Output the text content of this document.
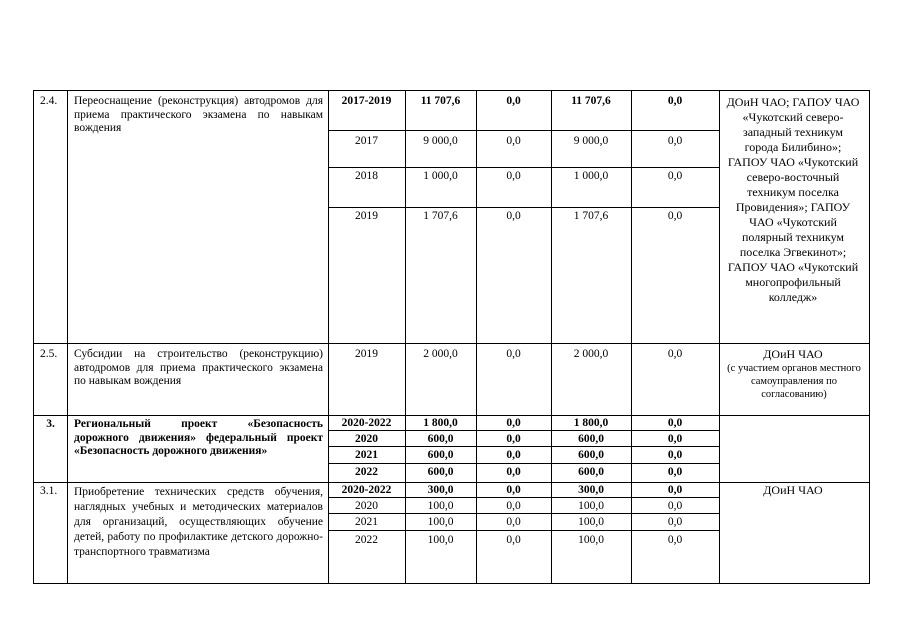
2.4.	Переоснащение (реконструкция) автодромов для приема практического экзамена по навыкам вождения
2017-2019	11 707,6	0,0	11 707,6	0,0
2017	9 000,0	0,0	9 000,0	0,0
2018	1 000,0	0,0	1 000,0	0,0
2019	1 707,6	0,0	1 707,6	0,0
ДОиН ЧАО; ГАПОУ ЧАО «Чукотский северо-западный техникум города Билибино»; ГАПОУ ЧАО «Чукотский северо-восточный техникум поселка Провидения»; ГАПОУ ЧАО «Чукотский полярный техникум поселка Эгвекинот»; ГАПОУ ЧАО «Чукотский многопрофильный колледж»
2.5.	Субсидии на строительство (реконструкцию) автодромов для приема практического экзамена по навыкам вождения
2019	2 000,0	0,0	2 000,0	0,0	ДОиН ЧАО
(с участием органов местного самоуправления по согласованию)
3.	Региональный проект «Безопасность дорожного движения» федеральный проект «Безопасность дорожного движения»
2020-2022	1 800,0	0,0	1 800,0	0,0
2020	600,0	0,0	600,0	0,0
2021	600,0	0,0	600,0	0,0
2022	600,0	0,0	600,0	0,0
3.1.	Приобретение технических средств обучения, наглядных учебных и методических материалов для организаций, осуществляющих обучение детей, работу по профилактике детского дорожно-транспортного травматизма
2020-2022	300,0	0,0	300,0	0,0
2020	100,0	0,0	100,0	0,0
2021	100,0	0,0	100,0	0,0
2022	100,0	0,0	100,0	0,0
ДОиН ЧАО
